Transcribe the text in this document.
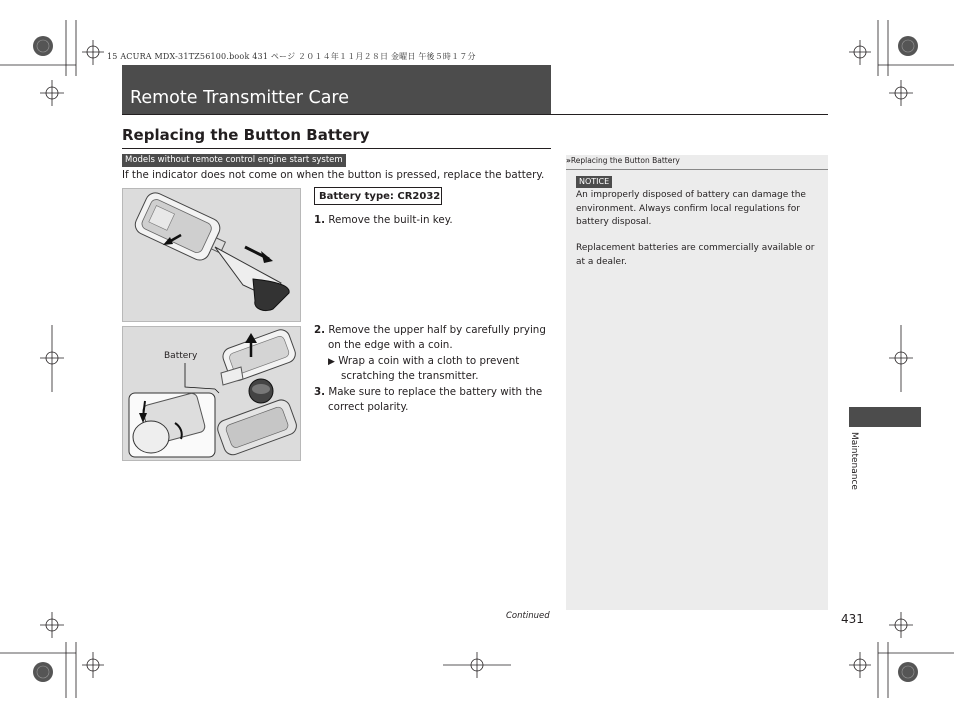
15 ACURA MDX-31TZ56100.book 431 ページ ２０１４年１１月２８日 金曜日 午後５時１７分
Remote Transmitter Care
Replacing the Button Battery
Models without remote control engine start system
If the indicator does not come on when the button is pressed, replace the battery.
Battery
Battery type: CR2032
1. Remove the built-in key.
2. Remove the upper half by carefully prying
on the edge with a coin.
▶ Wrap a coin with a cloth to prevent
scratching the transmitter.
3. Make sure to replace the battery with the
correct polarity.
»Replacing the Button Battery
NOTICE
An improperly disposed of battery can damage the
environment. Always confirm local regulations for
battery disposal.
Replacement batteries are commercially available or
at a dealer.
Maintenance
Continued	431
